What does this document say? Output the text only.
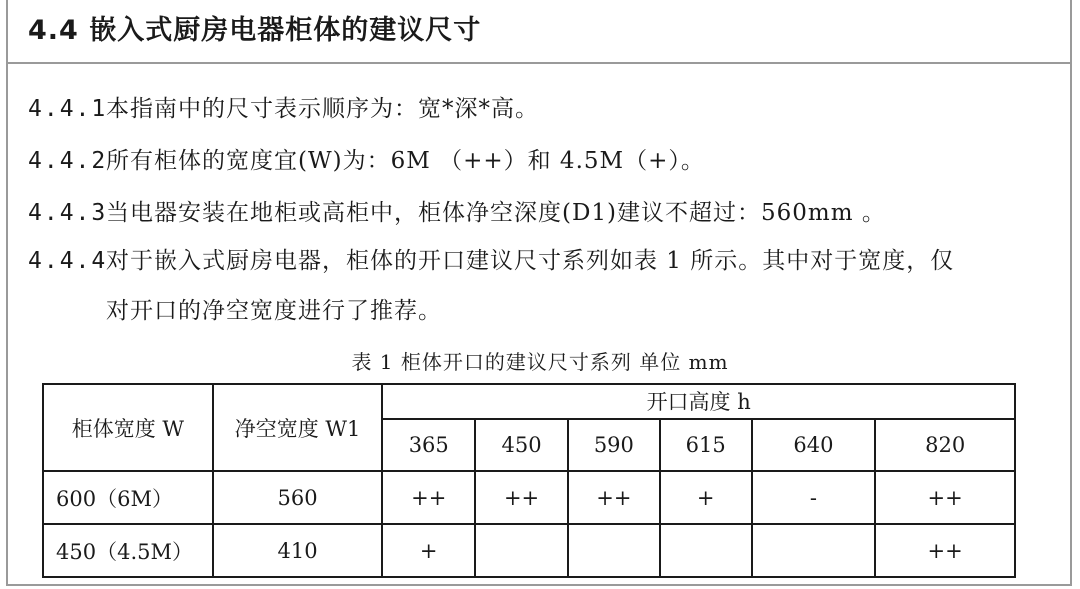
4.4 嵌入式厨房电器柜体的建议尺寸
4.4.1本指南中的尺寸表示顺序为：宽*深*高。
4.4.2所有柜体的宽度宜(W)为：6M （++）和 4.5M（+）。
4.4.3当电器安装在地柜或高柜中，柜体净空深度(D1)建议不超过：560mm 。
4.4.4对于嵌入式厨房电器，柜体的开口建议尺寸系列如表 1 所示。其中对于宽度，仅
对开口的净空宽度进行了推荐。
表 1 柜体开口的建议尺寸系列 单位 mm
柜体宽度 W	净空宽度 W1	开口高度 h					
		365	450	590	615	640	820
600（6M）	560	++	++	++	+	-	++
450（4.5M）	410	+					++
